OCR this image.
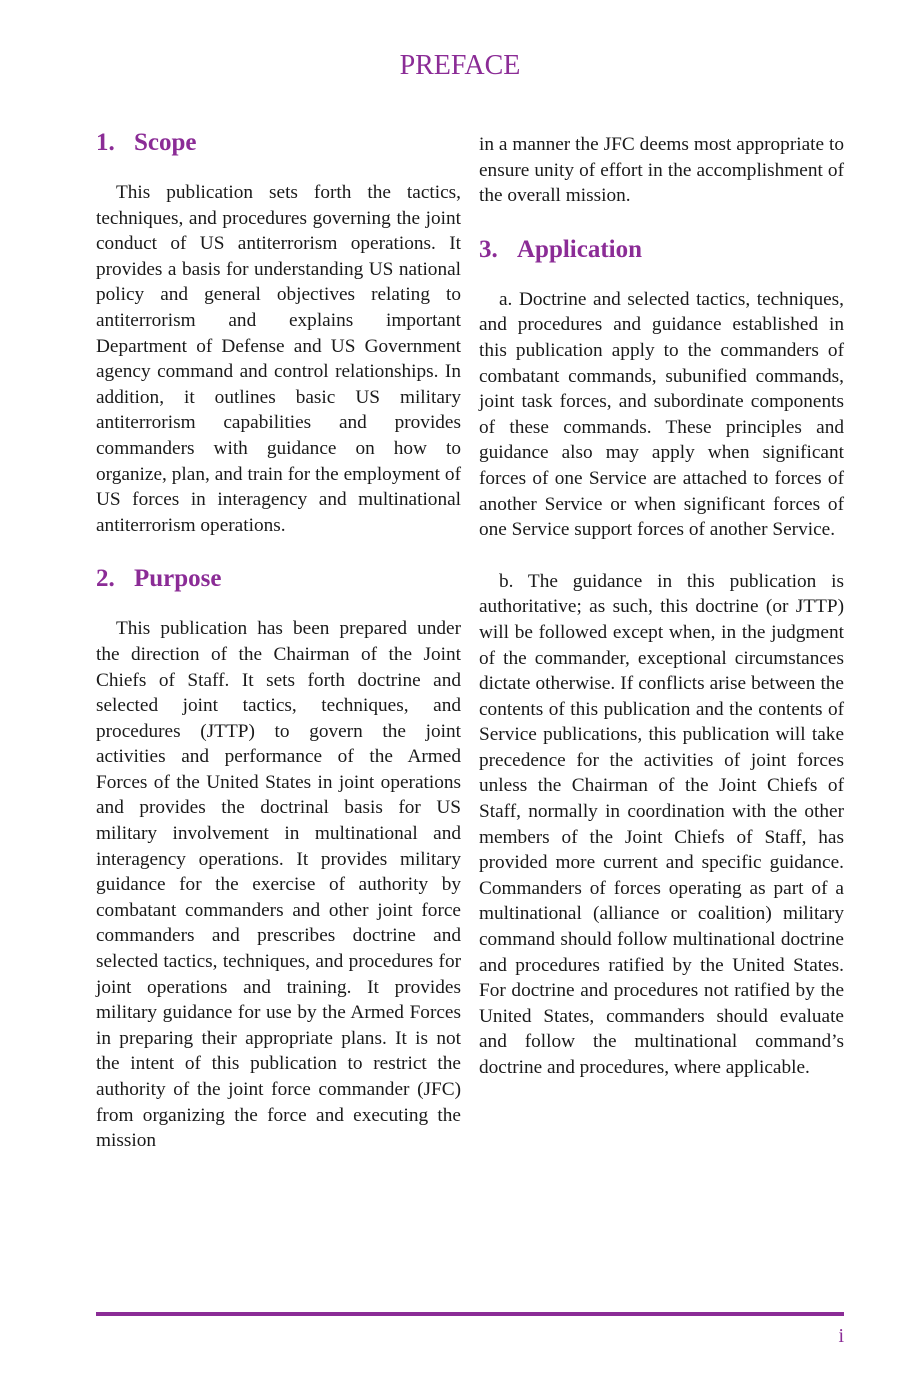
PREFACE
1. Scope

This publication sets forth the tactics, techniques, and procedures governing the joint conduct of US antiterrorism operations. It provides a basis for understanding US national policy and general objectives relating to antiterrorism and explains important Department of Defense and US Government agency command and control relationships. In addition, it outlines basic US military antiterrorism capabilities and provides commanders with guidance on how to organize, plan, and train for the employment of US forces in interagency and multinational antiterrorism operations.

2. Purpose

This publication has been prepared under the direction of the Chairman of the Joint Chiefs of Staff. It sets forth doctrine and selected joint tactics, techniques, and procedures (JTTP) to govern the joint activities and performance of the Armed Forces of the United States in joint operations and provides the doctrinal basis for US military involvement in multinational and interagency operations. It provides military guidance for the exercise of authority by combatant commanders and other joint force commanders and prescribes doctrine and selected tactics, techniques, and procedures for joint operations and training. It provides military guidance for use by the Armed Forces in preparing their appropriate plans. It is not the intent of this publication to restrict the authority of the joint force commander (JFC) from organizing the force and executing the mission

in a manner the JFC deems most appropriate to ensure unity of effort in the accomplishment of the overall mission.

3. Application

a. Doctrine and selected tactics, techniques, and procedures and guidance established in this publication apply to the commanders of combatant commands, subunified commands, joint task forces, and subordinate components of these commands. These principles and guidance also may apply when significant forces of one Service are attached to forces of another Service or when significant forces of one Service support forces of another Service.

b. The guidance in this publication is authoritative; as such, this doctrine (or JTTP) will be followed except when, in the judgment of the commander, exceptional circumstances dictate otherwise. If conflicts arise between the contents of this publication and the contents of Service publications, this publication will take precedence for the activities of joint forces unless the Chairman of the Joint Chiefs of Staff, normally in coordination with the other members of the Joint Chiefs of Staff, has provided more current and specific guidance. Commanders of forces operating as part of a multinational (alliance or coalition) military command should follow multinational doctrine and procedures ratified by the United States. For doctrine and procedures not ratified by the United States, commanders should evaluate and follow the multinational command’s doctrine and procedures, where applicable.

i
